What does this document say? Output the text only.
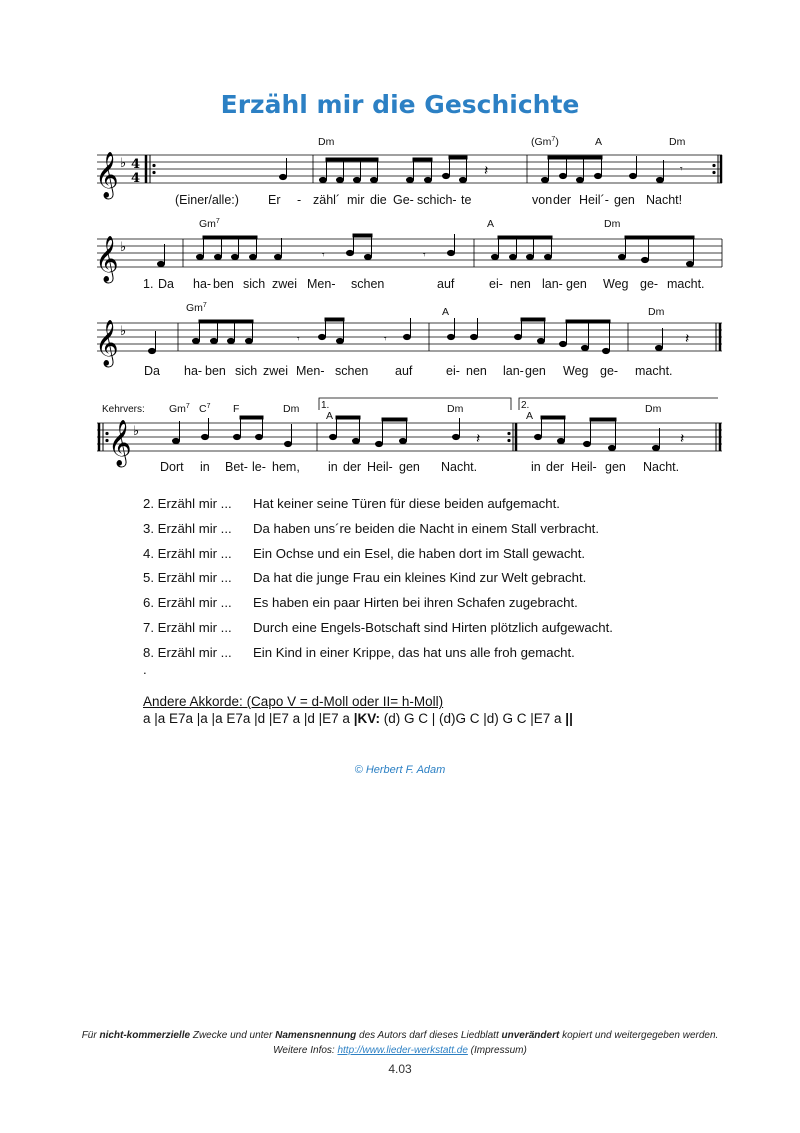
Erzähl mir die Geschichte
𝄞 ♭ 4
4	𝄽	𝄾
Dm	(Gm$^7$)	A	Dm
(Einer/alle:) Er - zähl´ mir die Ge- schich- te	von der Heil´- gen Nacht!
𝄞 ♭
𝄾	𝄾
Gm$^7$	A	Dm
1. Da ha- ben sich zwei Men- schen	auf	ei- nen lan- gen Weg ge- macht.
𝄞 ♭
𝄾	𝄾	𝄽
Gm$^7$
A	Dm
Da ha- ben sich zwei Men- schen auf	ei- nen lan- gen Weg ge- macht.
𝄞 ♭
1.	2.
𝄽	𝄽
Kehrvers: Gm$^7$ $C^7$ F	Dm
A
Dm
A
Dm
Dort in Bet- le- hem, in der Heil- gen Nacht.	in der Heil- gen Nacht.
2. Erzähl mir ... Hat keiner seine Türen für diese beiden aufgemacht.
3. Erzähl mir ... Da haben uns´re beiden die Nacht in einem Stall verbracht.
4. Erzähl mir ... Ein Ochse und ein Esel, die haben dort im Stall gewacht.
5. Erzähl mir ... Da hat die junge Frau ein kleines Kind zur Welt gebracht.
6. Erzähl mir ... Es haben ein paar Hirten bei ihren Schafen zugebracht.
7. Erzähl mir ... Durch eine Engels-Botschaft sind Hirten plötzlich aufgewacht.
8. Erzähl mir ... Ein Kind in einer Krippe, das hat uns alle froh gemacht.
.
Andere Akkorde: (Capo V = d-Moll oder II= h-Moll)
a |a E7a |a |a E7a |d |E7 a |d |E7 a |KV: (d) G C | (d)G C |d) G C |E7 a ||
© Herbert F. Adam
Für nicht-kommerzielle Zwecke und unter Namensnennung des Autors darf dieses Liedblatt unverändert kopiert und weitergegeben werden.
Weitere Infos: http://www.lieder-werkstatt.de (Impressum)
4.03
